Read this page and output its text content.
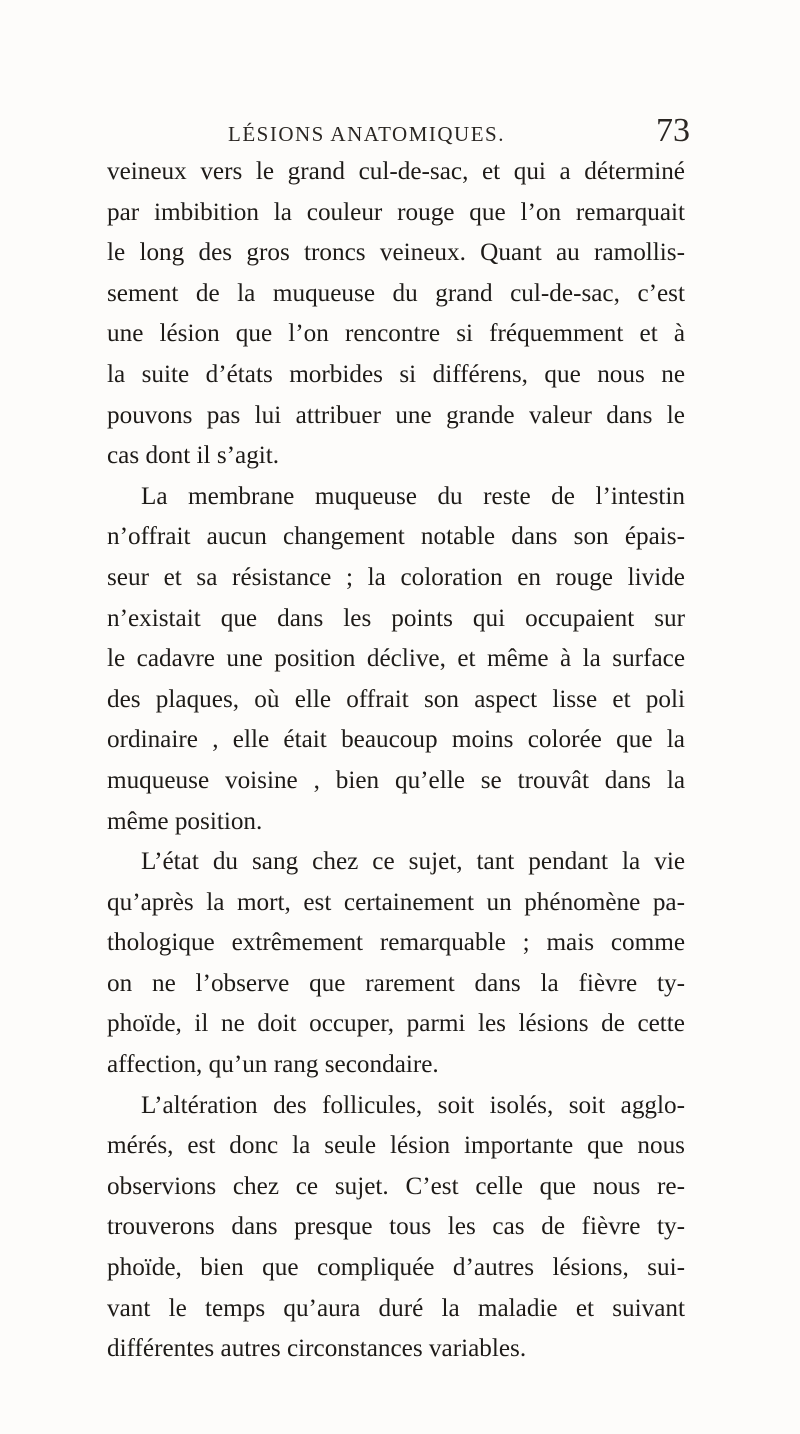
LÉSIONS ANATOMIQUES.	73
veineux vers le grand cul-de-sac, et qui a déterminé
par imbibition la couleur rouge que l’on remarquait
le long des gros troncs veineux. Quant au ramollis-
sement de la muqueuse du grand cul-de-sac, c’est
une lésion que l’on rencontre si fréquemment et à
la suite d’états morbides si différens, que nous ne
pouvons pas lui attribuer une grande valeur dans le
cas dont il s’agit.
La membrane muqueuse du reste de l’intestin
n’offrait aucun changement notable dans son épais-
seur et sa résistance ; la coloration en rouge livide
n’existait que dans les points qui occupaient sur
le cadavre une position déclive, et même à la surface
des plaques, où elle offrait son aspect lisse et poli
ordinaire , elle était beaucoup moins colorée que la
muqueuse voisine , bien qu’elle se trouvât dans la
même position.
L’état du sang chez ce sujet, tant pendant la vie
qu’après la mort, est certainement un phénomène pa-
thologique extrêmement remarquable ; mais comme
on ne l’observe que rarement dans la fièvre ty-
phoïde, il ne doit occuper, parmi les lésions de cette
affection, qu’un rang secondaire.
L’altération des follicules, soit isolés, soit agglo-
mérés, est donc la seule lésion importante que nous
observions chez ce sujet. C’est celle que nous re-
trouverons dans presque tous les cas de fièvre ty-
phoïde, bien que compliquée d’autres lésions, sui-
vant le temps qu’aura duré la maladie et suivant
différentes autres circonstances variables.
